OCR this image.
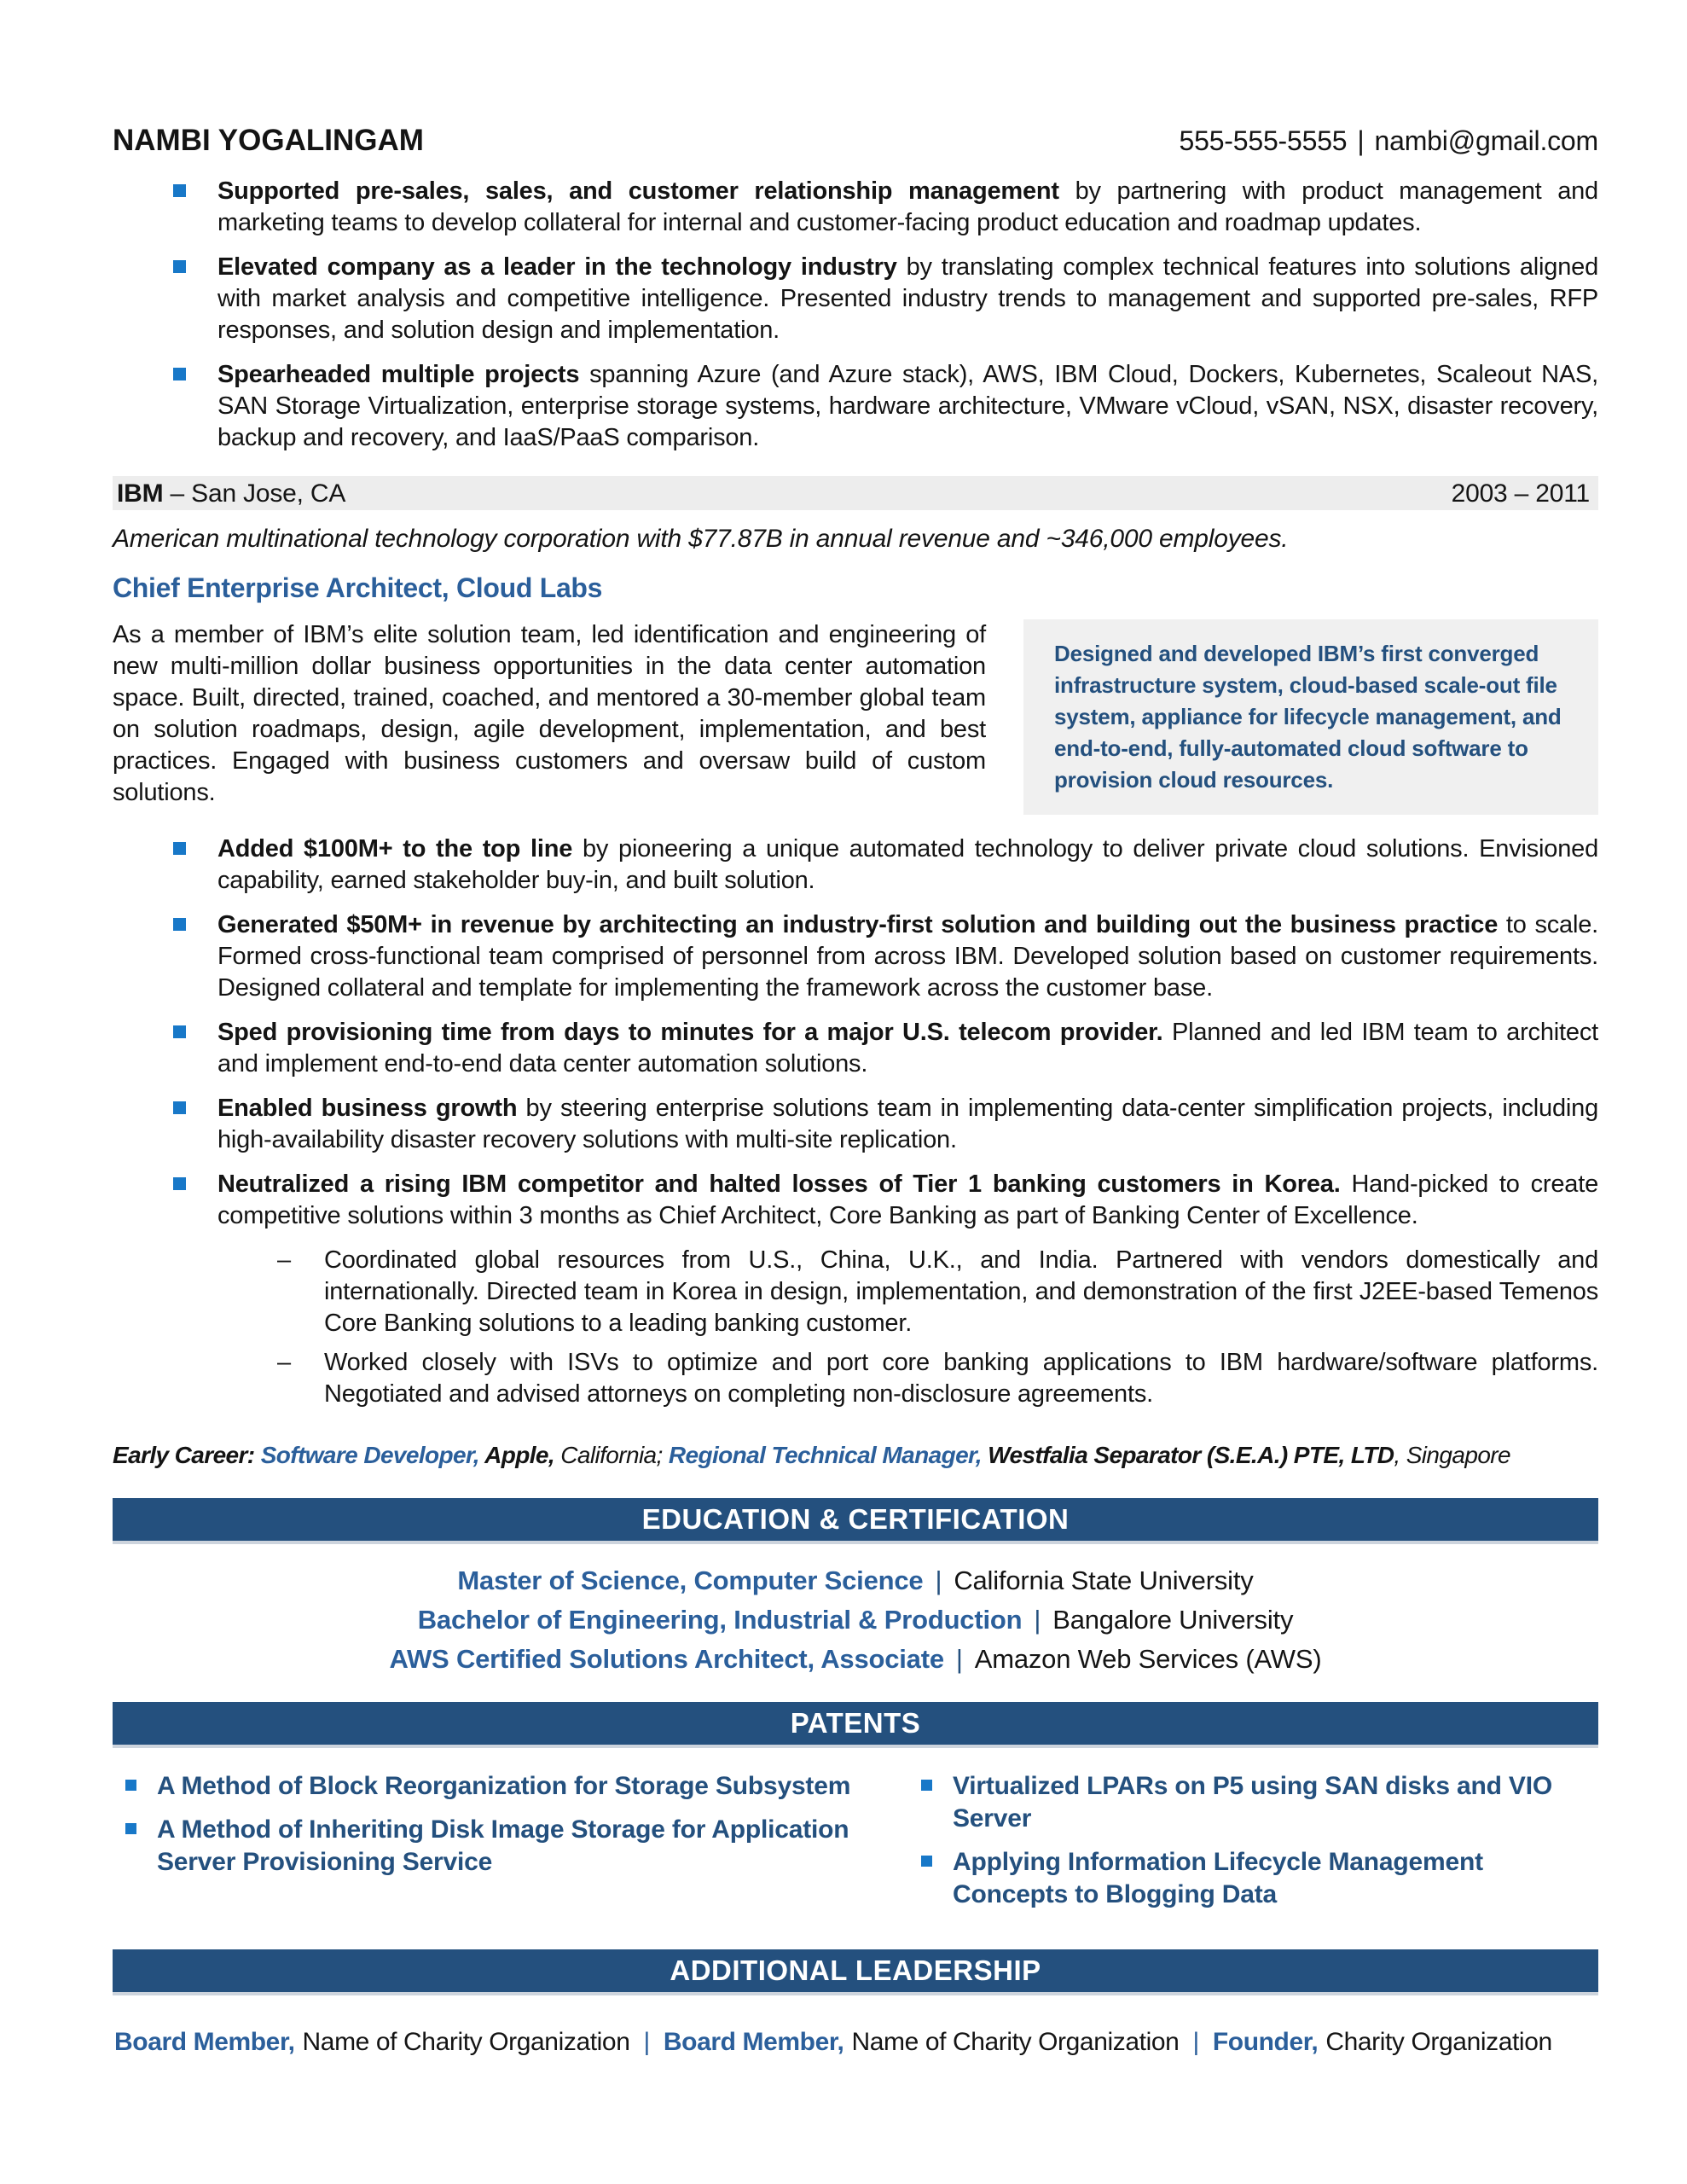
NAMBI YOGALINGAM	555-555-5555 | nambi@gmail.com

Supported pre-sales, sales, and customer relationship management by partnering with product management and marketing teams to develop collateral for internal and customer-facing product education and roadmap updates.

Elevated company as a leader in the technology industry by translating complex technical features into solutions aligned with market analysis and competitive intelligence. Presented industry trends to management and supported pre-sales, RFP responses, and solution design and implementation.

Spearheaded multiple projects spanning Azure (and Azure stack), AWS, IBM Cloud, Dockers, Kubernetes, Scaleout NAS, SAN Storage Virtualization, enterprise storage systems, hardware architecture, VMware vCloud, vSAN, NSX, disaster recovery, backup and recovery, and IaaS/PaaS comparison.

IBM – San Jose, CA	2003 – 2011

American multinational technology corporation with $77.87B in annual revenue and ~346,000 employees.

Chief Enterprise Architect, Cloud Labs

As a member of IBM’s elite solution team, led identification and engineering of new multi-million dollar business opportunities in the data center automation space. Built, directed, trained, coached, and mentored a 30-member global team on solution roadmaps, design, agile development, implementation, and best practices. Engaged with business customers and oversaw build of custom solutions.

Designed and developed IBM’s first converged infrastructure system, cloud-based scale-out file system, appliance for lifecycle management, and end-to-end, fully-automated cloud software to provision cloud resources.

Added $100M+ to the top line by pioneering a unique automated technology to deliver private cloud solutions. Envisioned capability, earned stakeholder buy-in, and built solution.

Generated $50M+ in revenue by architecting an industry-first solution and building out the business practice to scale. Formed cross-functional team comprised of personnel from across IBM. Developed solution based on customer requirements. Designed collateral and template for implementing the framework across the customer base.

Sped provisioning time from days to minutes for a major U.S. telecom provider. Planned and led IBM team to architect and implement end-to-end data center automation solutions.

Enabled business growth by steering enterprise solutions team in implementing data-center simplification projects, including high-availability disaster recovery solutions with multi-site replication.

Neutralized a rising IBM competitor and halted losses of Tier 1 banking customers in Korea. Hand-picked to create competitive solutions within 3 months as Chief Architect, Core Banking as part of Banking Center of Excellence.

– Coordinated global resources from U.S., China, U.K., and India. Partnered with vendors domestically and internationally. Directed team in Korea in design, implementation, and demonstration of the first J2EE-based Temenos Core Banking solutions to a leading banking customer.
– Worked closely with ISVs to optimize and port core banking applications to IBM hardware/software platforms. Negotiated and advised attorneys on completing non-disclosure agreements.

Early Career: Software Developer, Apple, California; Regional Technical Manager, Westfalia Separator (S.E.A.) PTE, LTD, Singapore

EDUCATION & CERTIFICATION
Master of Science, Computer Science | California State University
Bachelor of Engineering, Industrial & Production | Bangalore University
AWS Certified Solutions Architect, Associate | Amazon Web Services (AWS)
PATENTS
A Method of Block Reorganization for Storage Subsystem
A Method of Inheriting Disk Image Storage for Application Server Provisioning Service
Virtualized LPARs on P5 using SAN disks and VIO Server
Applying Information Lifecycle Management Concepts to Blogging Data
ADDITIONAL LEADERSHIP

Board Member, Name of Charity Organization | Board Member, Name of Charity Organization | Founder, Charity Organization
